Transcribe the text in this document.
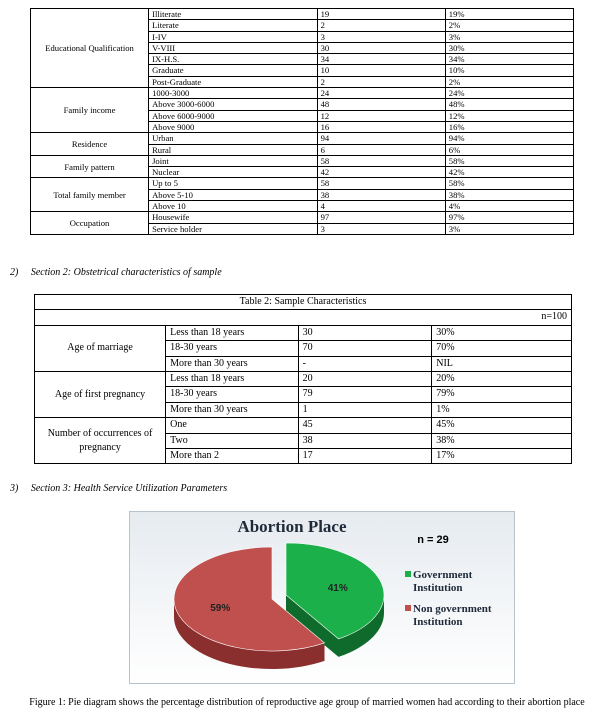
Educational Qualification	Illiterate	19	19%
	Literate	2	2%
	I-IV	3	3%
	V-VIII	30	30%
	IX-H.S.	34	34%
	Graduate	10	10%
	Post-Graduate	2	2%
Family income	1000-3000	24	24%
	Above 3000-6000	48	48%
	Above 6000-9000	12	12%
	Above 9000	16	16%
Residence	Urban	94	94%
	Rural	6	6%
Family pattern	Joint	58	58%
	Nuclear	42	42%
Total family member	Up to 5	58	58%
	Above 5-10	38	38%
	Above 10	4	4%
Occupation	Housewife	97	97%
	Service holder	3	3%
2) Section 2: Obstetrical characteristics of sample
Table 2: Sample Characteristics			
n=100			
Age of marriage	Less than 18 years	30	30%
	18-30 years	70	70%
	More than 30 years	-	NIL
Age of first pregnancy	Less than 18 years	20	20%
	18-30 years	79	79%
	More than 30 years	1	1%
Number of occurrences of pregnancy	One	45	45%
	Two	38	38%
	More than 2	17	17%
3) Section 3: Health Service Utilization Parameters
Abortion Place
n = 29
59%
41%
Government Institution
Non government Institution
Figure 1: Pie diagram shows the percentage distribution of reproductive age group of married women had according to their abortion place
